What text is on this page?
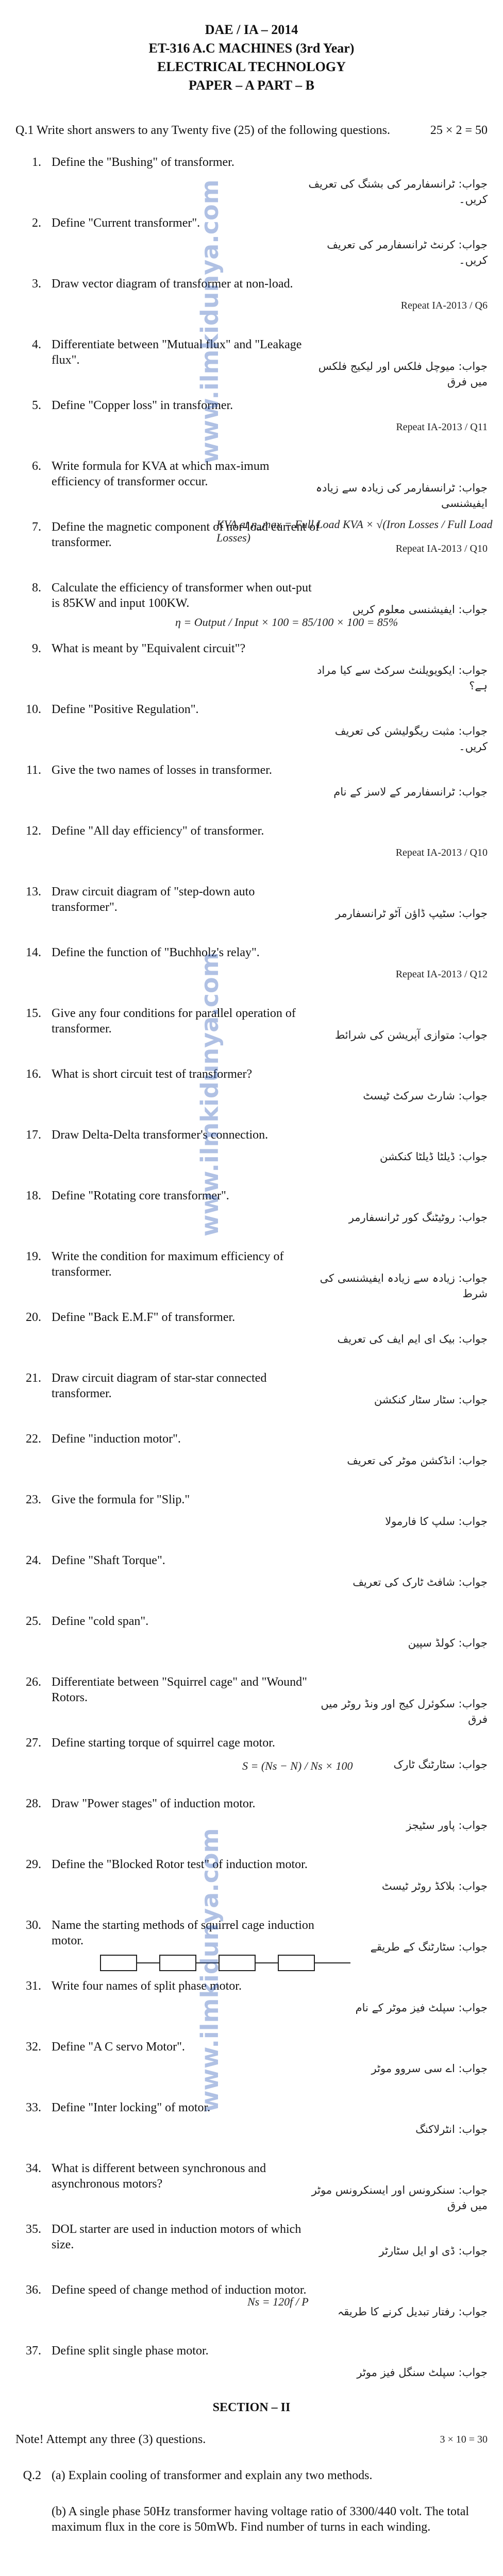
DAE / IA – 2014
ET-316 A.C MACHINES (3rd Year)
ELECTRICAL TECHNOLOGY
PAPER – A PART – B
Q.1 Write short answers to any Twenty five (25) of the following questions.	25 × 2 = 50
1. Define the "Bushing" of transformer.
جواب: ٹرانسفارمر کی بشنگ کی تعریف کریں۔
2. Define "Current transformer".
جواب: کرنٹ ٹرانسفارمر کی تعریف کریں۔
3. Draw vector diagram of transformer at non-load.
Repeat IA-2013 / Q6
4. Differentiate between "Mutual flux" and "Leakage flux".	جواب: میوچل فلکس اور لیکیج فلکس میں فرق
5. Define "Copper loss" in transformer.
Repeat IA-2013 / Q11
6. Write formula for KVA at which max-imum efficiency of transformer occur.	جواب: ٹرانسفارمر کی زیادہ سے زیادہ ایفیشنسی
7. Define the magnetic component of nor-load current of transformer.	Repeat IA-2013 / Q10
8. Calculate the efficiency of transformer when out-put is 85KW and input 100KW.	جواب: ایفیشنسی معلوم کریں
9. What is meant by "Equivalent circuit"?
جواب: ایکویویلنٹ سرکٹ سے کیا مراد ہے؟
10. Define "Positive Regulation".
جواب: مثبت ریگولیشن کی تعریف کریں۔
11. Give the two names of losses in transformer.
جواب: ٹرانسفارمر کے لاسز کے نام
12. Define "All day efficiency" of transformer.
Repeat IA-2013 / Q10
13. Draw circuit diagram of "step-down auto transformer".	جواب: سٹیپ ڈاؤن آٹو ٹرانسفارمر
14. Define the function of "Buchholz's relay".
Repeat IA-2013 / Q12
15. Give any four conditions for parallel operation of transformer.	جواب: متوازی آپریشن کی شرائط
16. What is short circuit test of transformer?
جواب: شارٹ سرکٹ ٹیسٹ
17. Draw Delta-Delta transformer's connection.
جواب: ڈیلٹا ڈیلٹا کنکشن
18. Define "Rotating core transformer".
جواب: روٹیٹنگ کور ٹرانسفارمر
19. Write the condition for maximum efficiency of transformer.	جواب: زیادہ سے زیادہ ایفیشنسی کی شرط
20. Define "Back E.M.F" of transformer.
جواب: بیک ای ایم ایف کی تعریف
21. Draw circuit diagram of star-star connected transformer.	جواب: سٹار سٹار کنکشن
22. Define "induction motor".
جواب: انڈکشن موٹر کی تعریف
23. Give the formula for "Slip."
جواب: سلپ کا فارمولا
24. Define "Shaft Torque".
جواب: شافٹ ٹارک کی تعریف
25. Define "cold span".
جواب: کولڈ سپین
26. Differentiate between "Squirrel cage" and "Wound" Rotors.	جواب: سکوئرل کیج اور ونڈ روٹر میں فرق
27. Define starting torque of squirrel cage motor.
جواب: سٹارٹنگ ٹارک
28. Draw "Power stages" of induction motor.
جواب: پاور سٹیجز
29. Define the "Blocked Rotor test" of induction motor.
جواب: بلاکڈ روٹر ٹیسٹ
30. Name the starting methods of squirrel cage induction motor.	جواب: سٹارٹنگ کے طریقے
31. Write four names of split phase motor.
جواب: سپلٹ فیز موٹر کے نام
32. Define "A C servo Motor".
جواب: اے سی سروو موٹر
33. Define "Inter locking" of motor.
جواب: انٹرلاکنگ
34. What is different between synchronous and asynchronous motors?	جواب: سنکرونس اور ایسنکرونس موٹر میں فرق
35. DOL starter are used in induction motors of which size.	جواب: ڈی او ایل سٹارٹر
36. Define speed of change method of induction motor.
جواب: رفتار تبدیل کرنے کا طریقہ
37. Define split single phase motor.
جواب: سپلٹ سنگل فیز موٹر
KVA at η_max = Full Load KVA × √(Iron Losses / Full Load Losses)
η = Output / Input × 100 = 85/100 × 100 = 85%
S = (Ns − N) / Ns × 100
Ns = 120f / P
SECTION – II
Note! Attempt any three (3) questions.	3 × 10 = 30
Q.2 (a) Explain cooling of transformer and explain any two methods.
(b) A single phase 50Hz transformer having voltage ratio of 3300/440 volt. The total maximum flux in the core is 50mWb. Find number of turns in each winding.
www.ilmkidunya.com
www.ilmkidunya.com
www.ilmkidunya.com
